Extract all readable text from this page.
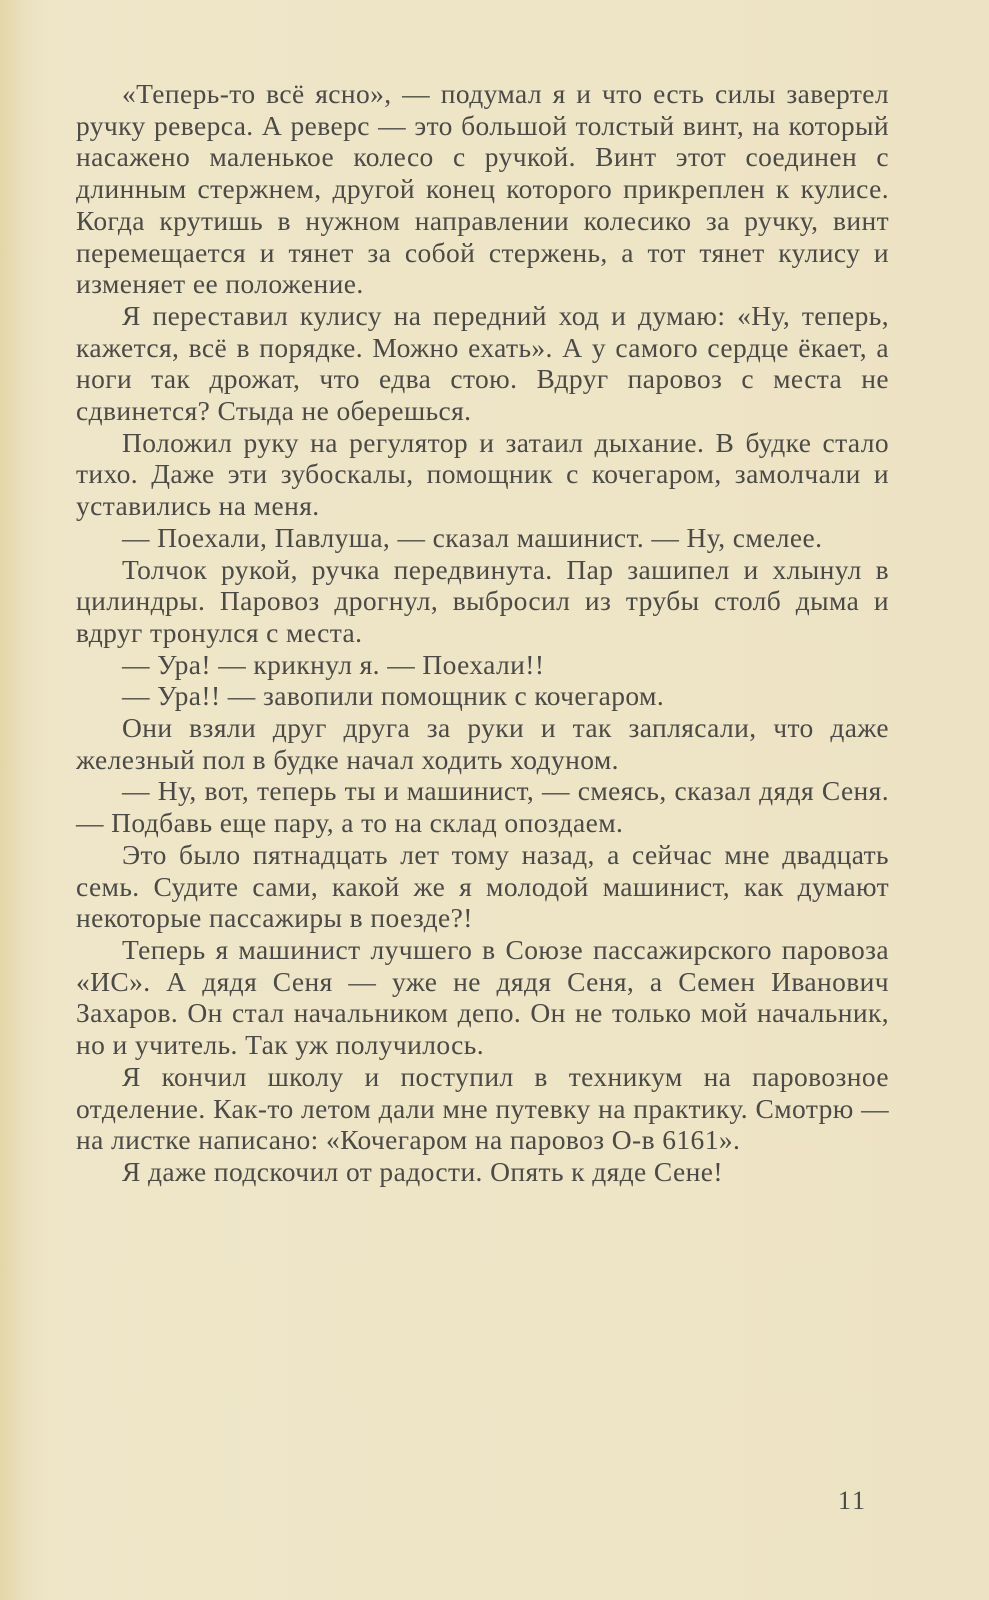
«Теперь-то всё ясно», — подумал я и что есть силы завертел ручку реверса. А реверс — это большой толстый винт, на который насажено маленькое колесо с ручкой. Винт этот соединен с длинным стержнем, другой конец которого прикреплен к кулисе. Когда крутишь в нужном направлении колесико за ручку, винт перемещается и тянет за собой стержень, а тот тянет кулису и изменяет ее положение.

Я переставил кулису на передний ход и думаю: «Ну, теперь, кажется, всё в порядке. Можно ехать». А у самого сердце ёкает, а ноги так дрожат, что едва стою. Вдруг паровоз с места не сдвинется? Стыда не оберешься.

Положил руку на регулятор и затаил дыхание. В будке стало тихо. Даже эти зубоскалы, помощник с кочегаром, замолчали и уставились на меня.

— Поехали, Павлуша, — сказал машинист. — Ну, смелее.

Толчок рукой, ручка передвинута. Пар зашипел и хлынул в цилиндры. Паровоз дрогнул, выбросил из трубы столб дыма и вдруг тронулся с места.

— Ура! — крикнул я. — Поехали!!

— Ура!! — завопили помощник с кочегаром.

Они взяли друг друга за руки и так заплясали, что даже железный пол в будке начал ходить ходуном.

— Ну, вот, теперь ты и машинист, — смеясь, сказал дядя Сеня. — Подбавь еще пару, а то на склад опоздаем.

Это было пятнадцать лет тому назад, а сейчас мне двадцать семь. Судите сами, какой же я молодой машинист, как думают некоторые пассажиры в поезде?!

Теперь я машинист лучшего в Союзе пассажирского паровоза «ИС». А дядя Сеня — уже не дядя Сеня, а Семен Иванович Захаров. Он стал начальником депо. Он не только мой начальник, но и учитель. Так уж получилось.

Я кончил школу и поступил в техникум на паровозное отделение. Как-то летом дали мне путевку на практику. Смотрю — на листке написано: «Кочегаром на паровоз О-в 6161».

Я даже подскочил от радости. Опять к дяде Сене!

11
